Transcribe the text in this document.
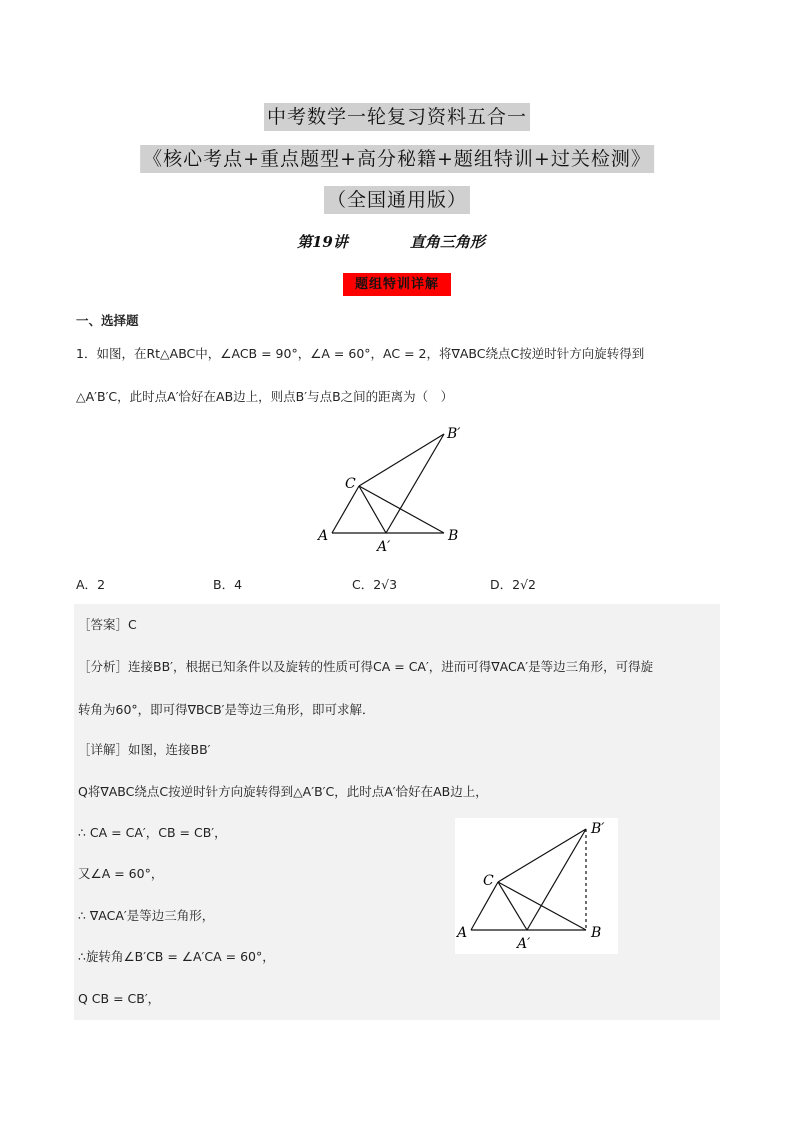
中考数学一轮复习资料五合一
《核心考点+重点题型+高分秘籍+题组特训+过关检测》
（全国通用版）
第19讲	直角三角形
题组特训详解
一、选择题
1．如图，在Rt△ABC中，∠ACB = 90°，∠A = 60°，AC = 2，将∇ABC绕点C按逆时针方向旋转得到
△A′B′C，此时点A′恰好在AB边上，则点B′与点B之间的距离为（　）
A	B
C
A′
B′
A．2	B．4	C．2√3	D．2√2
［答案］C
［分析］连接BB′，根据已知条件以及旋转的性质可得CA = CA′，进而可得∇ACA′是等边三角形，可得旋
转角为60°，即可得∇BCB′是等边三角形，即可求解．
［详解］如图，连接BB′
Q将∇ABC绕点C按逆时针方向旋转得到△A′B′C，此时点A′恰好在AB边上，
∴ CA = CA′，CB = CB′，
又∠A = 60°，
∴ ∇ACA′是等边三角形，
∴旋转角∠B′CB = ∠A′CA = 60°，
Q CB = CB′，
A	B
C
A′
B′
